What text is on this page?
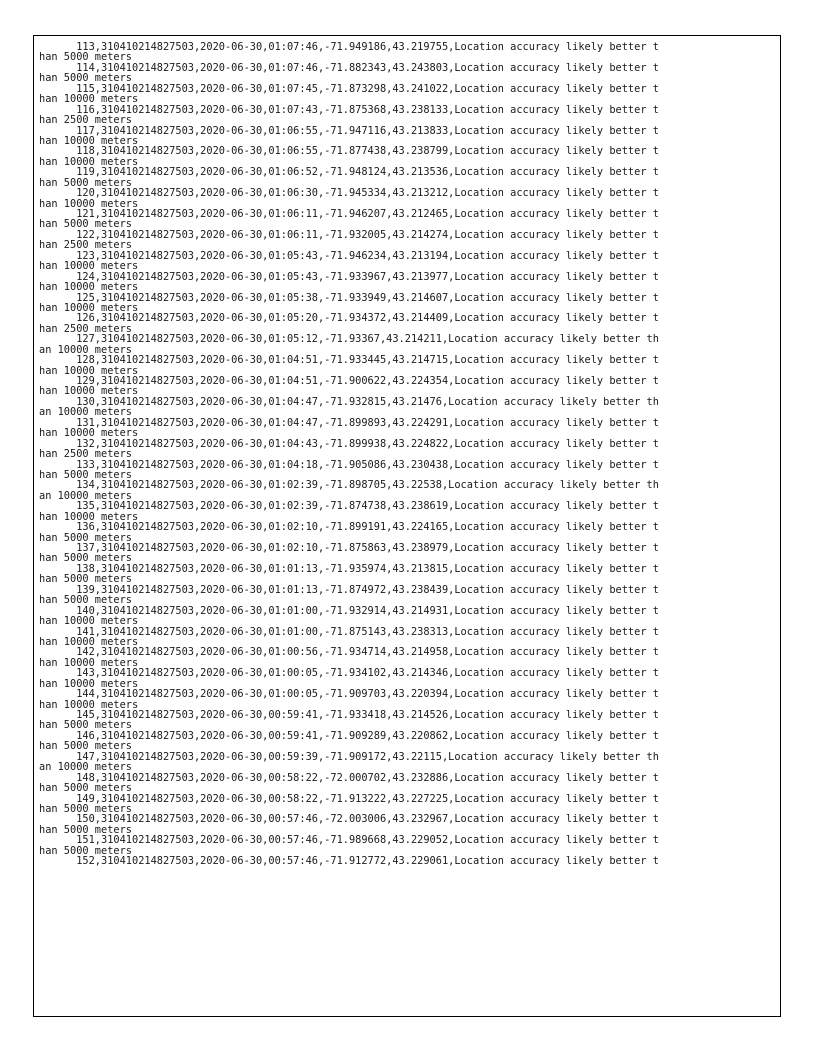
113,310410214827503,2020-06-30,01:07:46,-71.949186,43.219755,Location accuracy likely better t
han 5000 meters
114,310410214827503,2020-06-30,01:07:46,-71.882343,43.243803,Location accuracy likely better t
han 5000 meters
115,310410214827503,2020-06-30,01:07:45,-71.873298,43.241022,Location accuracy likely better t
han 10000 meters
116,310410214827503,2020-06-30,01:07:43,-71.875368,43.238133,Location accuracy likely better t
han 2500 meters
117,310410214827503,2020-06-30,01:06:55,-71.947116,43.213833,Location accuracy likely better t
han 10000 meters
118,310410214827503,2020-06-30,01:06:55,-71.877438,43.238799,Location accuracy likely better t
han 10000 meters
119,310410214827503,2020-06-30,01:06:52,-71.948124,43.213536,Location accuracy likely better t
han 5000 meters
120,310410214827503,2020-06-30,01:06:30,-71.945334,43.213212,Location accuracy likely better t
han 10000 meters
121,310410214827503,2020-06-30,01:06:11,-71.946207,43.212465,Location accuracy likely better t
han 5000 meters
122,310410214827503,2020-06-30,01:06:11,-71.932005,43.214274,Location accuracy likely better t
han 2500 meters
123,310410214827503,2020-06-30,01:05:43,-71.946234,43.213194,Location accuracy likely better t
han 10000 meters
124,310410214827503,2020-06-30,01:05:43,-71.933967,43.213977,Location accuracy likely better t
han 10000 meters
125,310410214827503,2020-06-30,01:05:38,-71.933949,43.214607,Location accuracy likely better t
han 10000 meters
126,310410214827503,2020-06-30,01:05:20,-71.934372,43.214409,Location accuracy likely better t
han 2500 meters
127,310410214827503,2020-06-30,01:05:12,-71.93367,43.214211,Location accuracy likely better th
an 10000 meters
128,310410214827503,2020-06-30,01:04:51,-71.933445,43.214715,Location accuracy likely better t
han 10000 meters
129,310410214827503,2020-06-30,01:04:51,-71.900622,43.224354,Location accuracy likely better t
han 10000 meters
130,310410214827503,2020-06-30,01:04:47,-71.932815,43.21476,Location accuracy likely better th
an 10000 meters
131,310410214827503,2020-06-30,01:04:47,-71.899893,43.224291,Location accuracy likely better t
han 10000 meters
132,310410214827503,2020-06-30,01:04:43,-71.899938,43.224822,Location accuracy likely better t
han 2500 meters
133,310410214827503,2020-06-30,01:04:18,-71.905086,43.230438,Location accuracy likely better t
han 5000 meters
134,310410214827503,2020-06-30,01:02:39,-71.898705,43.22538,Location accuracy likely better th
an 10000 meters
135,310410214827503,2020-06-30,01:02:39,-71.874738,43.238619,Location accuracy likely better t
han 10000 meters
136,310410214827503,2020-06-30,01:02:10,-71.899191,43.224165,Location accuracy likely better t
han 5000 meters
137,310410214827503,2020-06-30,01:02:10,-71.875863,43.238979,Location accuracy likely better t
han 5000 meters
138,310410214827503,2020-06-30,01:01:13,-71.935974,43.213815,Location accuracy likely better t
han 5000 meters
139,310410214827503,2020-06-30,01:01:13,-71.874972,43.238439,Location accuracy likely better t
han 5000 meters
140,310410214827503,2020-06-30,01:01:00,-71.932914,43.214931,Location accuracy likely better t
han 10000 meters
141,310410214827503,2020-06-30,01:01:00,-71.875143,43.238313,Location accuracy likely better t
han 10000 meters
142,310410214827503,2020-06-30,01:00:56,-71.934714,43.214958,Location accuracy likely better t
han 10000 meters
143,310410214827503,2020-06-30,01:00:05,-71.934102,43.214346,Location accuracy likely better t
han 10000 meters
144,310410214827503,2020-06-30,01:00:05,-71.909703,43.220394,Location accuracy likely better t
han 10000 meters
145,310410214827503,2020-06-30,00:59:41,-71.933418,43.214526,Location accuracy likely better t
han 5000 meters
146,310410214827503,2020-06-30,00:59:41,-71.909289,43.220862,Location accuracy likely better t
han 5000 meters
147,310410214827503,2020-06-30,00:59:39,-71.909172,43.22115,Location accuracy likely better th
an 10000 meters
148,310410214827503,2020-06-30,00:58:22,-72.000702,43.232886,Location accuracy likely better t
han 5000 meters
149,310410214827503,2020-06-30,00:58:22,-71.913222,43.227225,Location accuracy likely better t
han 5000 meters
150,310410214827503,2020-06-30,00:57:46,-72.003006,43.232967,Location accuracy likely better t
han 5000 meters
151,310410214827503,2020-06-30,00:57:46,-71.989668,43.229052,Location accuracy likely better t
han 5000 meters
152,310410214827503,2020-06-30,00:57:46,-71.912772,43.229061,Location accuracy likely better t
